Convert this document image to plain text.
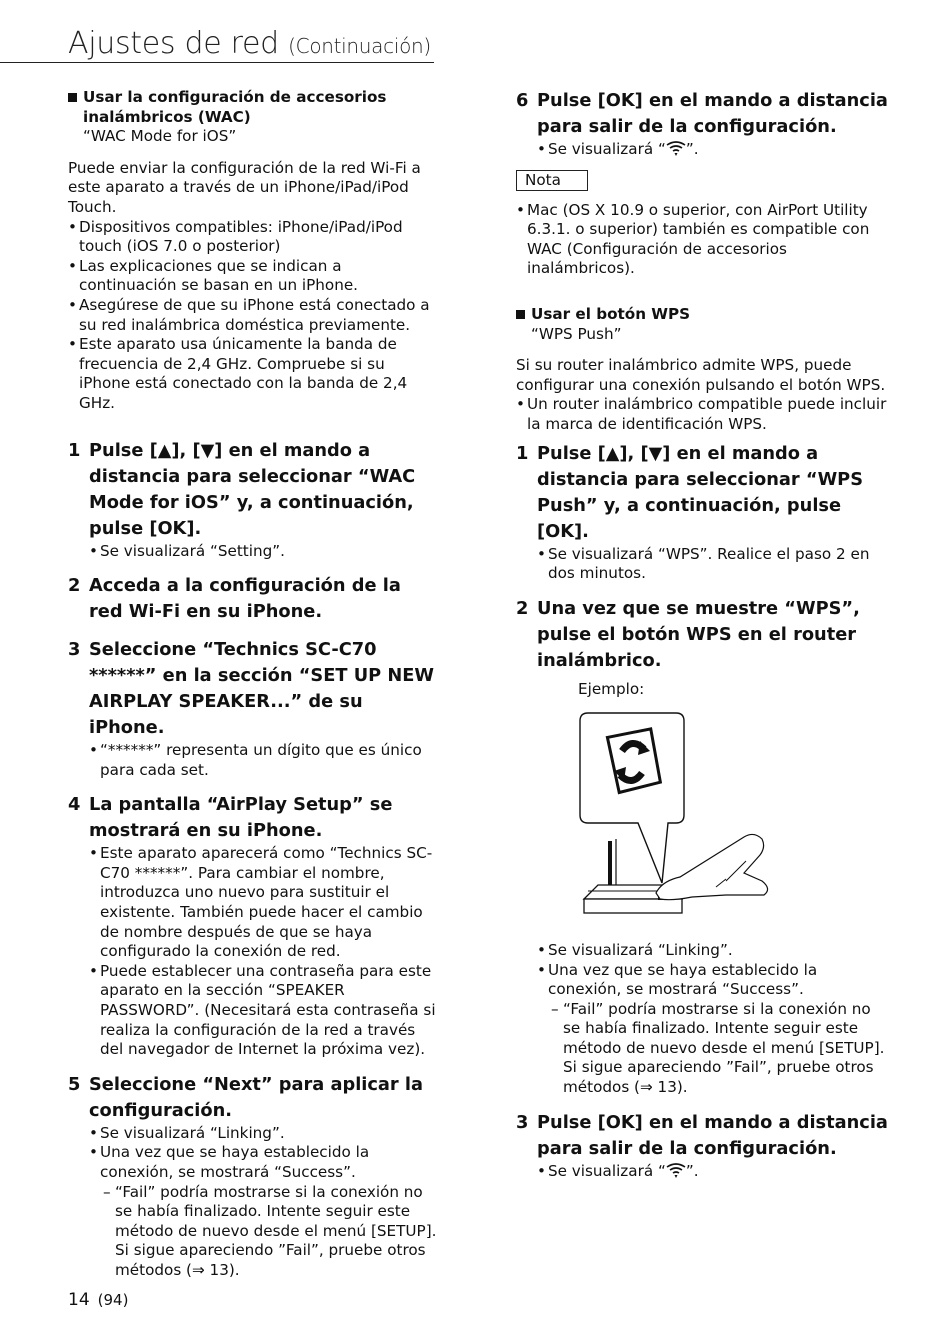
Ajustes de red (Continuación)
Usar la configuración de accesorios
inalámbricos (WAC)
“WAC Mode for iOS”

Puede enviar la configuración de la red Wi-Fi a este aparato a través de un iPhone/iPad/iPod Touch.

• Dispositivos compatibles: iPhone/iPad/iPod touch (iOS 7.0 o posterior)
• Las explicaciones que se indican a continuación se basan en un iPhone.
• Asegúrese de que su iPhone está conectado a su red inalámbrica doméstica previamente.
• Este aparato usa únicamente la banda de frecuencia de 2,4 GHz. Compruebe si su iPhone está conectado con la banda de 2,4 GHz.
1 Pulse [▲], [▼] en el mando a distancia para seleccionar “WAC Mode for iOS” y, a continuación, pulse [OK].
• Se visualizará “Setting”.
2 Acceda a la configuración de la red Wi-Fi en su iPhone.
3 Seleccione “Technics SC-C70 ******” en la sección “SET UP NEW AIRPLAY SPEAKER...” de su iPhone.
• “******” representa un dígito que es único para cada set.
4 La pantalla “AirPlay Setup” se mostrará en su iPhone.
• Este aparato aparecerá como “Technics SC-C70 ******”. Para cambiar el nombre, introduzca uno nuevo para sustituir el existente. También puede hacer el cambio de nombre después de que se haya configurado la conexión de red.
• Puede establecer una contraseña para este aparato en la sección “SPEAKER PASSWORD”. (Necesitará esta contraseña si realiza la configuración de la red a través del navegador de Internet la próxima vez).
5 Seleccione “Next” para aplicar la configuración.
• Se visualizará “Linking”.
• Una vez que se haya establecido la conexión, se mostrará “Success”.
– “Fail” podría mostrarse si la conexión no se había finalizado. Intente seguir este método de nuevo desde el menú [SETUP]. Si sigue apareciendo ”Fail”, pruebe otros métodos (⇒ 13).
6 Pulse [OK] en el mando a distancia para salir de la configuración.
• Se visualizará “ ”.
Nota
• Mac (OS X 10.9 o superior, con AirPort Utility 6.3.1. o superior) también es compatible con WAC (Configuración de accesorios inalámbricos).
Usar el botón WPS
“WPS Push”

Si su router inalámbrico admite WPS, puede configurar una conexión pulsando el botón WPS.

• Un router inalámbrico compatible puede incluir la marca de identificación WPS.
1 Pulse [▲], [▼] en el mando a distancia para seleccionar “WPS Push” y, a continuación, pulse [OK].
• Se visualizará “WPS”. Realice el paso 2 en dos minutos.
2 Una vez que se muestre “WPS”, pulse el botón WPS en el router inalámbrico.
Ejemplo:
• Se visualizará “Linking”.
• Una vez que se haya establecido la conexión, se mostrará “Success”.
– “Fail” podría mostrarse si la conexión no se había finalizado. Intente seguir este método de nuevo desde el menú [SETUP]. Si sigue apareciendo ”Fail”, pruebe otros métodos (⇒ 13).
3 Pulse [OK] en el mando a distancia para salir de la configuración.
• Se visualizará “ ”.
14 (94)
